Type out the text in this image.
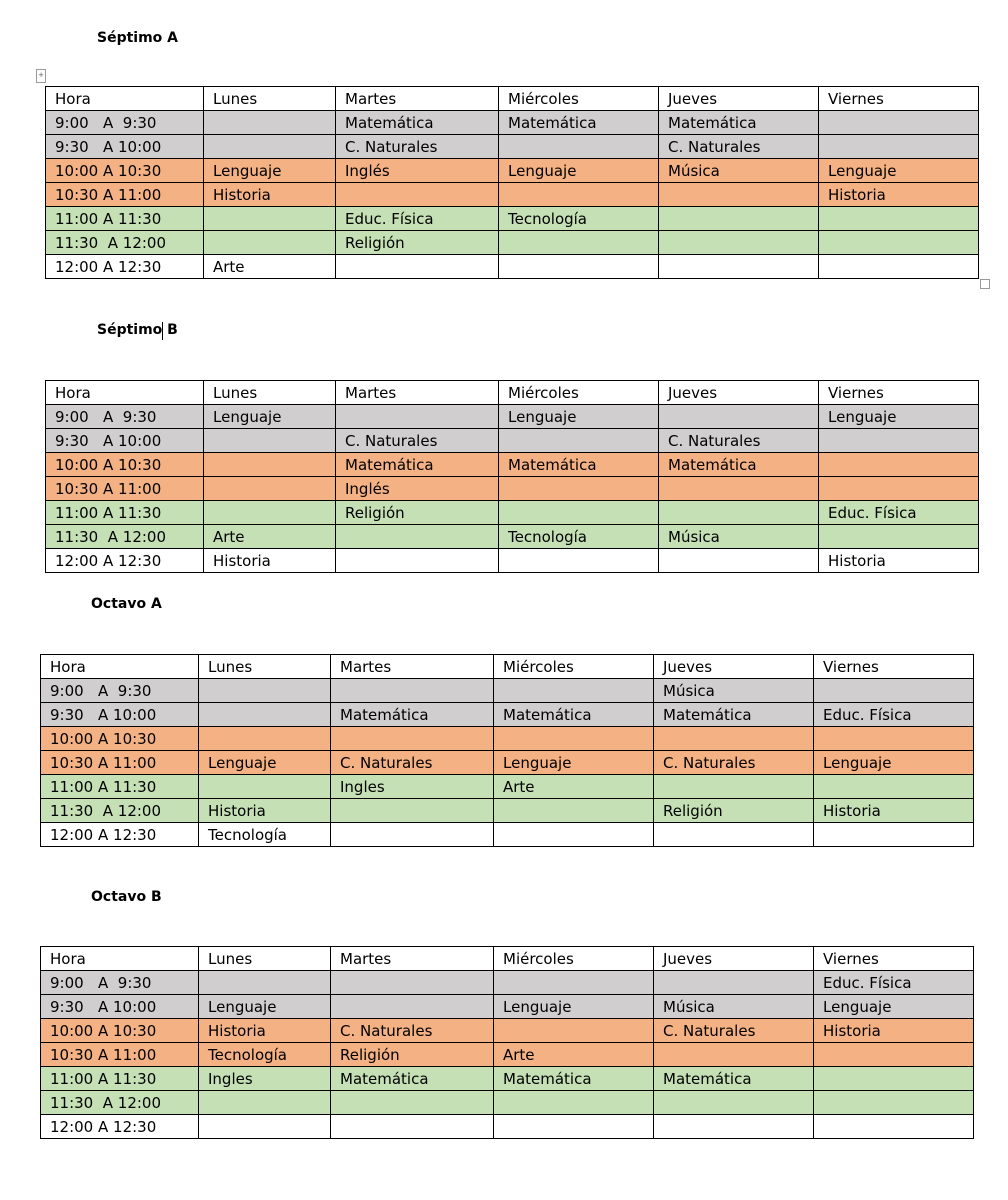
+
Séptimo A
Hora	Lunes	Martes	Miércoles	Jueves	Viernes
9:00   A  9:30		Matemática	Matemática	Matemática	
9:30   A 10:00		C. Naturales		C. Naturales	
10:00 A 10:30	Lenguaje	Inglés	Lenguaje	Música	Lenguaje
10:30 A 11:00	Historia				Historia
11:00 A 11:30		Educ. Física	Tecnología		
11:30  A 12:00		Religión			
12:00 A 12:30	Arte				
Séptimo B
Hora	Lunes	Martes	Miércoles	Jueves	Viernes
9:00   A  9:30	Lenguaje		Lenguaje		Lenguaje
9:30   A 10:00		C. Naturales		C. Naturales	
10:00 A 10:30		Matemática	Matemática	Matemática	
10:30 A 11:00		Inglés			
11:00 A 11:30		Religión			Educ. Física
11:30  A 12:00	Arte		Tecnología	Música	
12:00 A 12:30	Historia				Historia
Octavo A
Hora	Lunes	Martes	Miércoles	Jueves	Viernes
9:00   A  9:30				Música	
9:30   A 10:00		Matemática	Matemática	Matemática	Educ. Física
10:00 A 10:30					
10:30 A 11:00	Lenguaje	C. Naturales	Lenguaje	C. Naturales	Lenguaje
11:00 A 11:30		Ingles	Arte		
11:30  A 12:00	Historia			Religión	Historia
12:00 A 12:30	Tecnología				
Octavo B
Hora	Lunes	Martes	Miércoles	Jueves	Viernes
9:00   A  9:30					Educ. Física
9:30   A 10:00	Lenguaje		Lenguaje	Música	Lenguaje
10:00 A 10:30	Historia	C. Naturales		C. Naturales	Historia
10:30 A 11:00	Tecnología	Religión	Arte		
11:00 A 11:30	Ingles	Matemática	Matemática	Matemática	
11:30  A 12:00					
12:00 A 12:30					
